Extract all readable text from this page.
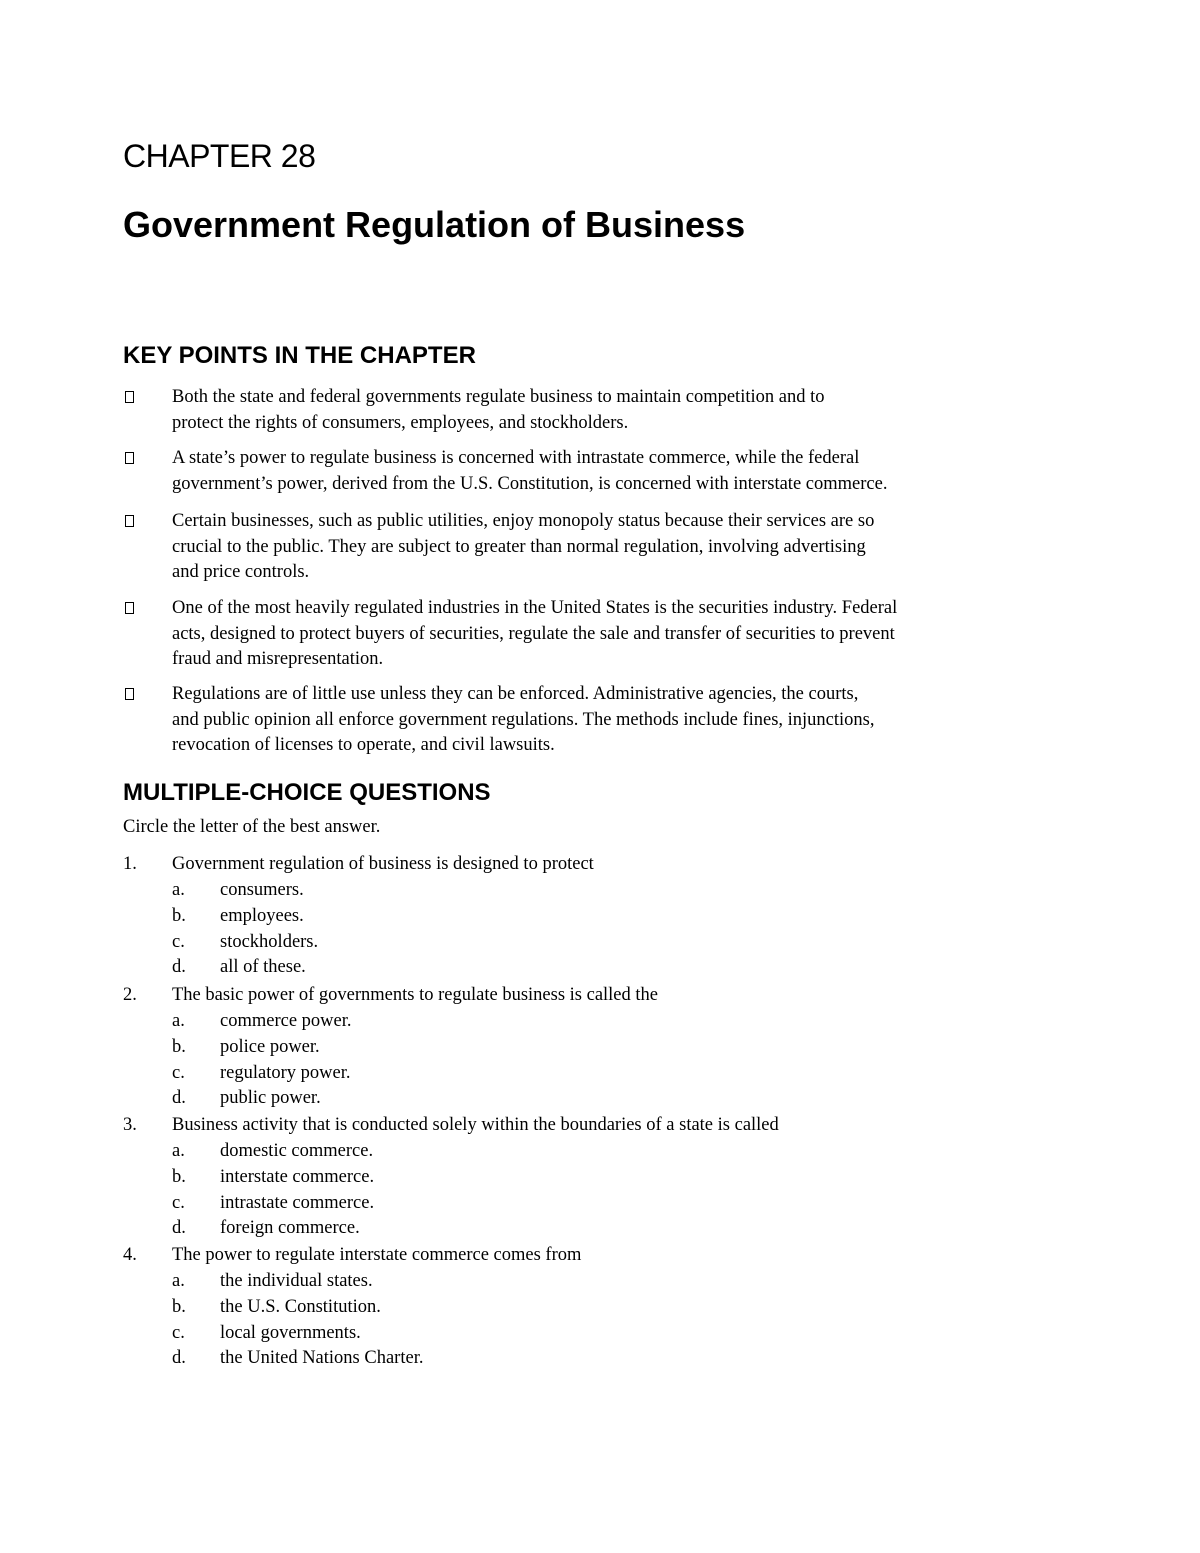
CHAPTER 28
Government Regulation of Business
KEY POINTS IN THE CHAPTER
Both the state and federal governments regulate business to maintain competition and to
protect the rights of consumers, employees, and stockholders.
A state’s power to regulate business is concerned with intrastate commerce, while the federal
government’s power, derived from the U.S. Constitution, is concerned with interstate commerce.
Certain businesses, such as public utilities, enjoy monopoly status because their services are so
crucial to the public. They are subject to greater than normal regulation, involving advertising
and price controls.
One of the most heavily regulated industries in the United States is the securities industry. Federal
acts, designed to protect buyers of securities, regulate the sale and transfer of securities to prevent
fraud and misrepresentation.
Regulations are of little use unless they can be enforced. Administrative agencies, the courts,
and public opinion all enforce government regulations. The methods include fines, injunctions,
revocation of licenses to operate, and civil lawsuits.
MULTIPLE-CHOICE QUESTIONS
Circle the letter of the best answer.
1. Government regulation of business is designed to protect
a. consumers.
b. employees.
c. stockholders.
d. all of these.
2. The basic power of governments to regulate business is called the
a. commerce power.
b. police power.
c. regulatory power.
d. public power.
3. Business activity that is conducted solely within the boundaries of a state is called
a. domestic commerce.
b. interstate commerce.
c. intrastate commerce.
d. foreign commerce.
4. The power to regulate interstate commerce comes from
a. the individual states.
b. the U.S. Constitution.
c. local governments.
d. the United Nations Charter.
